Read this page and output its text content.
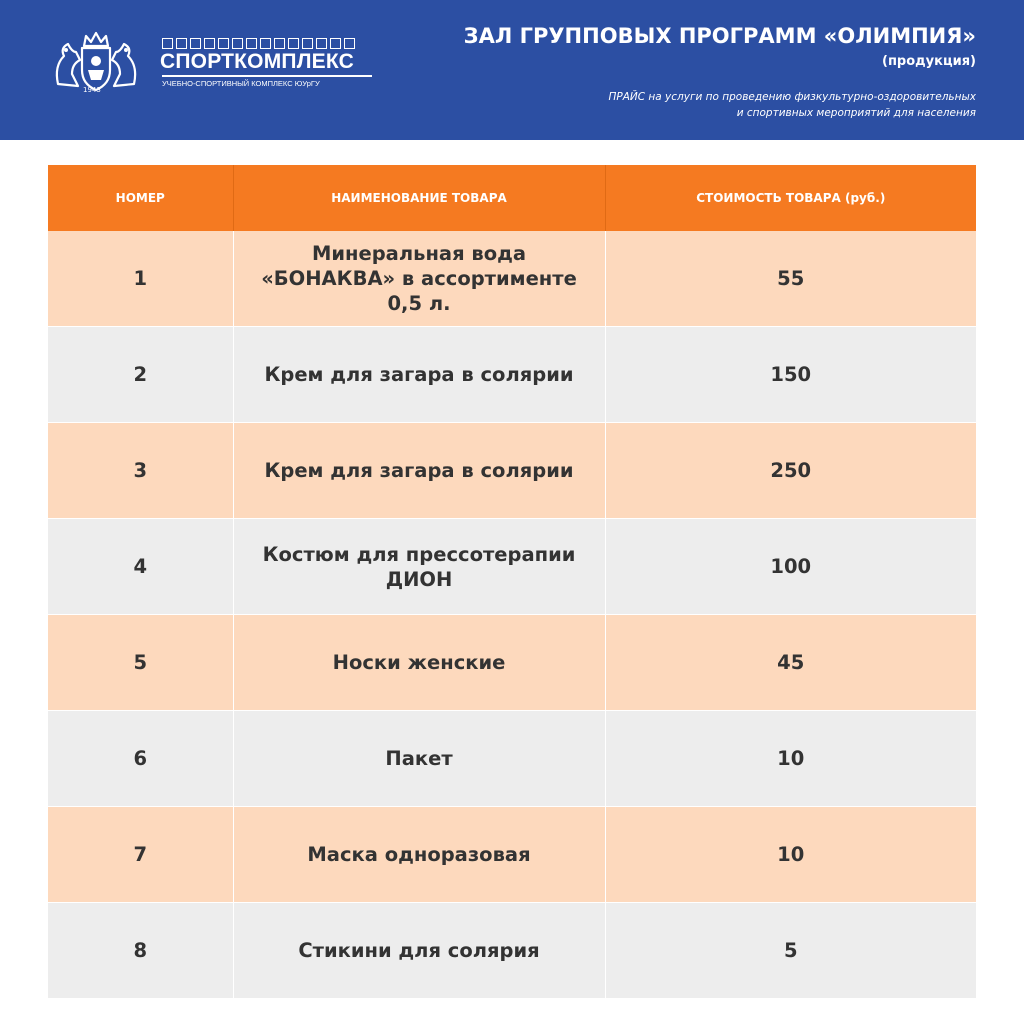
1943
СПОРТКОМПЛЕКС
УЧЕБНО-СПОРТИВНЫЙ КОМПЛЕКС ЮУрГУ
ЗАЛ ГРУППОВЫХ ПРОГРАММ «ОЛИМПИЯ»
(продукция)
ПРАЙС на услуги по проведению физкультурно-оздоровительных
и спортивных мероприятий для населения
НОМЕР	НАИМЕНОВАНИЕ ТОВАРА	СТОИМОСТЬ ТОВАРА (руб.)
1	Минеральная вода «БОНАКВА» в ассортименте 0,5 л.	55
2	Крем для загара в солярии	150
3	Крем для загара в солярии	250
4	Костюм для прессотерапии ДИОН	100
5	Носки женские	45
6	Пакет	10
7	Маска одноразовая	10
8	Стикини для солярия	5
